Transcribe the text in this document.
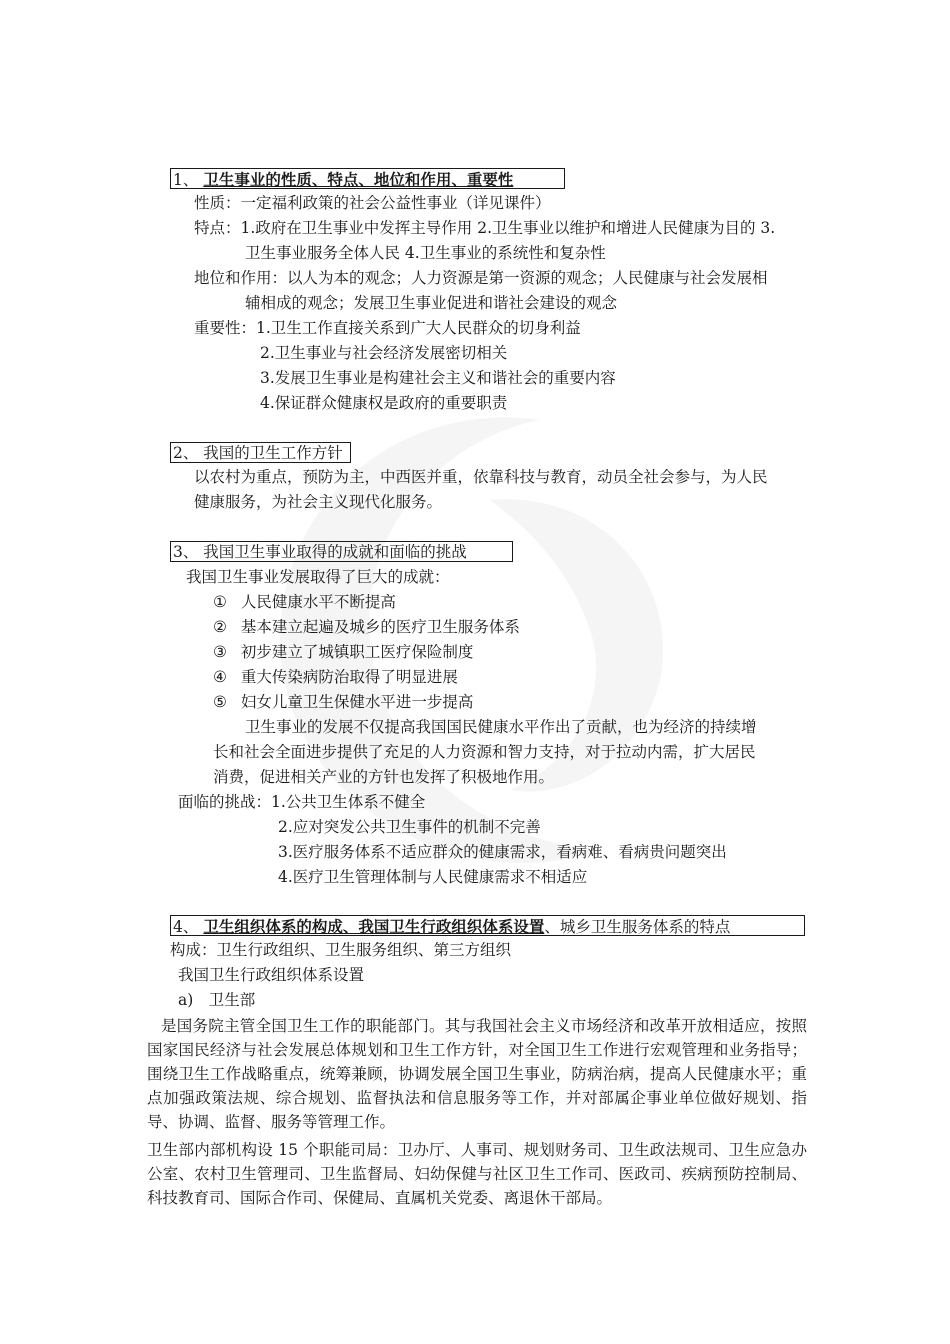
1、 卫生事业的性质、特点、地位和作用、重要性
性质：一定福利政策的社会公益性事业（详见课件）
特点：1.政府在卫生事业中发挥主导作用 2.卫生事业以维护和增进人民健康为目的 3.
卫生事业服务全体人民 4.卫生事业的系统性和复杂性
地位和作用：以人为本的观念；人力资源是第一资源的观念；人民健康与社会发展相
辅相成的观念；发展卫生事业促进和谐社会建设的观念
重要性：1.卫生工作直接关系到广大人民群众的切身利益
2.卫生事业与社会经济发展密切相关
3.发展卫生事业是构建社会主义和谐社会的重要内容
4.保证群众健康权是政府的重要职责
2、 我国的卫生工作方针
以农村为重点，预防为主，中西医并重，依靠科技与教育，动员全社会参与，为人民
健康服务，为社会主义现代化服务。
3、 我国卫生事业取得的成就和面临的挑战
我国卫生事业发展取得了巨大的成就：
① 人民健康水平不断提高
② 基本建立起遍及城乡的医疗卫生服务体系
③ 初步建立了城镇职工医疗保险制度
④ 重大传染病防治取得了明显进展
⑤ 妇女儿童卫生保健水平进一步提高
卫生事业的发展不仅提高我国国民健康水平作出了贡献，也为经济的持续增
长和社会全面进步提供了充足的人力资源和智力支持，对于拉动内需，扩大居民
消费，促进相关产业的方针也发挥了积极地作用。
面临的挑战：1.公共卫生体系不健全
2.应对突发公共卫生事件的机制不完善
3.医疗服务体系不适应群众的健康需求，看病难、看病贵问题突出
4.医疗卫生管理体制与人民健康需求不相适应
4、 卫生组织体系的构成、我国卫生行政组织体系设置、城乡卫生服务体系的特点
构成：卫生行政组织、卫生服务组织、第三方组织
我国卫生行政组织体系设置
a)　卫生部
是国务院主管全国卫生工作的职能部门。其与我国社会主义市场经济和改革开放相适应，按照国家国民经济与社会发展总体规划和卫生工作方针，对全国卫生工作进行宏观管理和业务指导；围绕卫生工作战略重点，统筹兼顾，协调发展全国卫生事业，防病治病，提高人民健康水平；重点加强政策法规、综合规划、监督执法和信息服务等工作，并对部属企事业单位做好规划、指导、协调、监督、服务等管理工作。
卫生部内部机构设 15 个职能司局：卫办厅、人事司、规划财务司、卫生政法规司、卫生应急办公室、农村卫生管理司、卫生监督局、妇幼保健与社区卫生工作司、医政司、疾病预防控制局、科技教育司、国际合作司、保健局、直属机关党委、离退休干部局。
